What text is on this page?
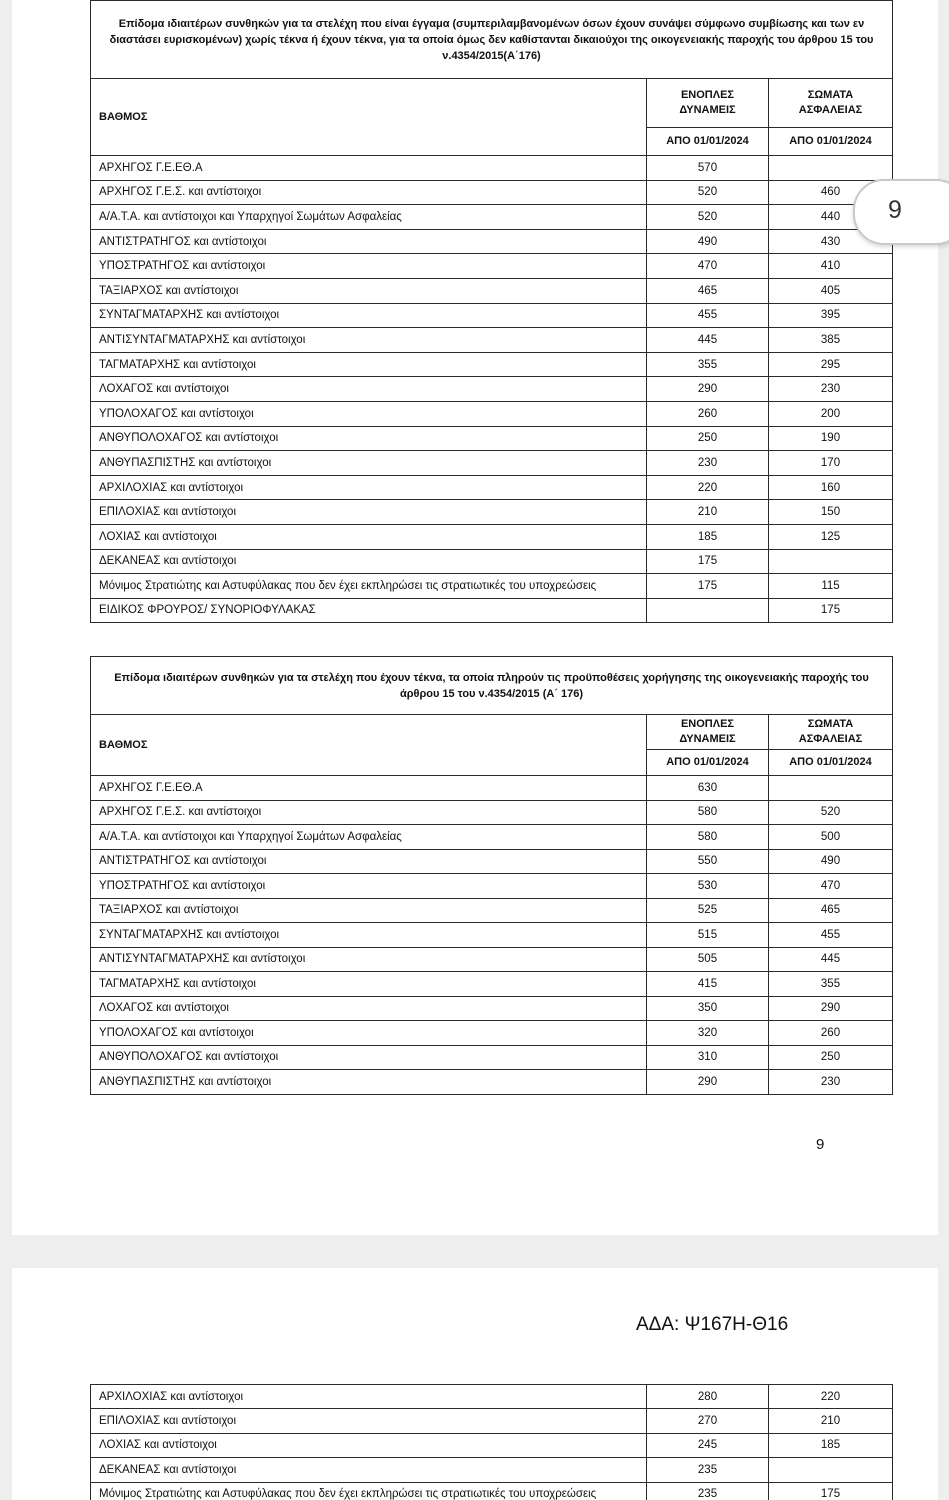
Επίδομα ιδιαιτέρων συνθηκών για τα στελέχη που είναι έγγαμα (συμπεριλαμβανομένων όσων έχουν συνάψει σύμφωνο συμβίωσης και των εν διαστάσει ευρισκομένων) χωρίς τέκνα ή έχουν τέκνα, για τα οποία όμως δεν καθίστανται δικαιούχοι της οικογενειακής παροχής του άρθρου 15 του ν.4354/2015(Α΄176)		
ΒΑΘΜΟΣ	ΕΝΟΠΛΕΣ ΔΥΝΑΜΕΙΣ	ΣΩΜΑΤΑ ΑΣΦΑΛΕΙΑΣ
	ΑΠΟ 01/01/2024	ΑΠΟ 01/01/2024
ΑΡΧΗΓΟΣ Γ.Ε.ΕΘ.Α	570	
ΑΡΧΗΓΟΣ Γ.Ε.Σ. και αντίστοιχοι	520	460
Α/Α.Τ.Α. και αντίστοιχοι και Υπαρχηγοί Σωμάτων Ασφαλείας	520	440
ΑΝΤΙΣΤΡΑΤΗΓΟΣ και αντίστοιχοι	490	430
ΥΠΟΣΤΡΑΤΗΓΟΣ και αντίστοιχοι	470	410
ΤΑΞΙΑΡΧΟΣ και αντίστοιχοι	465	405
ΣΥΝΤΑΓΜΑΤΑΡΧΗΣ και αντίστοιχοι	455	395
ΑΝΤΙΣΥΝΤΑΓΜΑΤΑΡΧΗΣ και αντίστοιχοι	445	385
ΤΑΓΜΑΤΑΡΧΗΣ και αντίστοιχοι	355	295
ΛΟΧΑΓΟΣ και αντίστοιχοι	290	230
ΥΠΟΛΟΧΑΓΟΣ και αντίστοιχοι	260	200
ΑΝΘΥΠΟΛΟΧΑΓΟΣ και αντίστοιχοι	250	190
ΑΝΘΥΠΑΣΠΙΣΤΗΣ και αντίστοιχοι	230	170
ΑΡΧΙΛΟΧΙΑΣ και αντίστοιχοι	220	160
ΕΠΙΛΟΧΙΑΣ και αντίστοιχοι	210	150
ΛΟΧΙΑΣ και αντίστοιχοι	185	125
ΔΕΚΑΝΕΑΣ και αντίστοιχοι	175	
Μόνιμος Στρατιώτης και Αστυφύλακας που δεν έχει εκπληρώσει τις στρατιωτικές του υποχρεώσεις	175	115
ΕΙΔΙΚΟΣ ΦΡΟΥΡΟΣ/ ΣΥΝΟΡΙΟΦΥΛΑΚΑΣ		175
Επίδομα ιδιαιτέρων συνθηκών για τα στελέχη που έχουν τέκνα, τα οποία πληρούν τις προϋποθέσεις χορήγησης της οικογενειακής παροχής του άρθρου 15 του ν.4354/2015 (Α΄ 176)		
ΒΑΘΜΟΣ	ΕΝΟΠΛΕΣ ΔΥΝΑΜΕΙΣ	ΣΩΜΑΤΑ ΑΣΦΑΛΕΙΑΣ
	ΑΠΟ 01/01/2024	ΑΠΟ 01/01/2024
ΑΡΧΗΓΟΣ Γ.Ε.ΕΘ.Α	630	
ΑΡΧΗΓΟΣ Γ.Ε.Σ. και αντίστοιχοι	580	520
Α/Α.Τ.Α. και αντίστοιχοι και Υπαρχηγοί Σωμάτων Ασφαλείας	580	500
ΑΝΤΙΣΤΡΑΤΗΓΟΣ και αντίστοιχοι	550	490
ΥΠΟΣΤΡΑΤΗΓΟΣ και αντίστοιχοι	530	470
ΤΑΞΙΑΡΧΟΣ και αντίστοιχοι	525	465
ΣΥΝΤΑΓΜΑΤΑΡΧΗΣ και αντίστοιχοι	515	455
ΑΝΤΙΣΥΝΤΑΓΜΑΤΑΡΧΗΣ και αντίστοιχοι	505	445
ΤΑΓΜΑΤΑΡΧΗΣ και αντίστοιχοι	415	355
ΛΟΧΑΓΟΣ και αντίστοιχοι	350	290
ΥΠΟΛΟΧΑΓΟΣ και αντίστοιχοι	320	260
ΑΝΘΥΠΟΛΟΧΑΓΟΣ και αντίστοιχοι	310	250
ΑΝΘΥΠΑΣΠΙΣΤΗΣ και αντίστοιχοι	290	230
9
ΑΡΧΙΛΟΧΙΑΣ και αντίστοιχοι	280	220
ΕΠΙΛΟΧΙΑΣ και αντίστοιχοι	270	210
ΛΟΧΙΑΣ και αντίστοιχοι	245	185
ΔΕΚΑΝΕΑΣ και αντίστοιχοι	235	
Μόνιμος Στρατιώτης και Αστυφύλακας που δεν έχει εκπληρώσει τις στρατιωτικές του υποχρεώσεις	235	175
ΑΔΑ: Ψ167Η-Θ16
9
